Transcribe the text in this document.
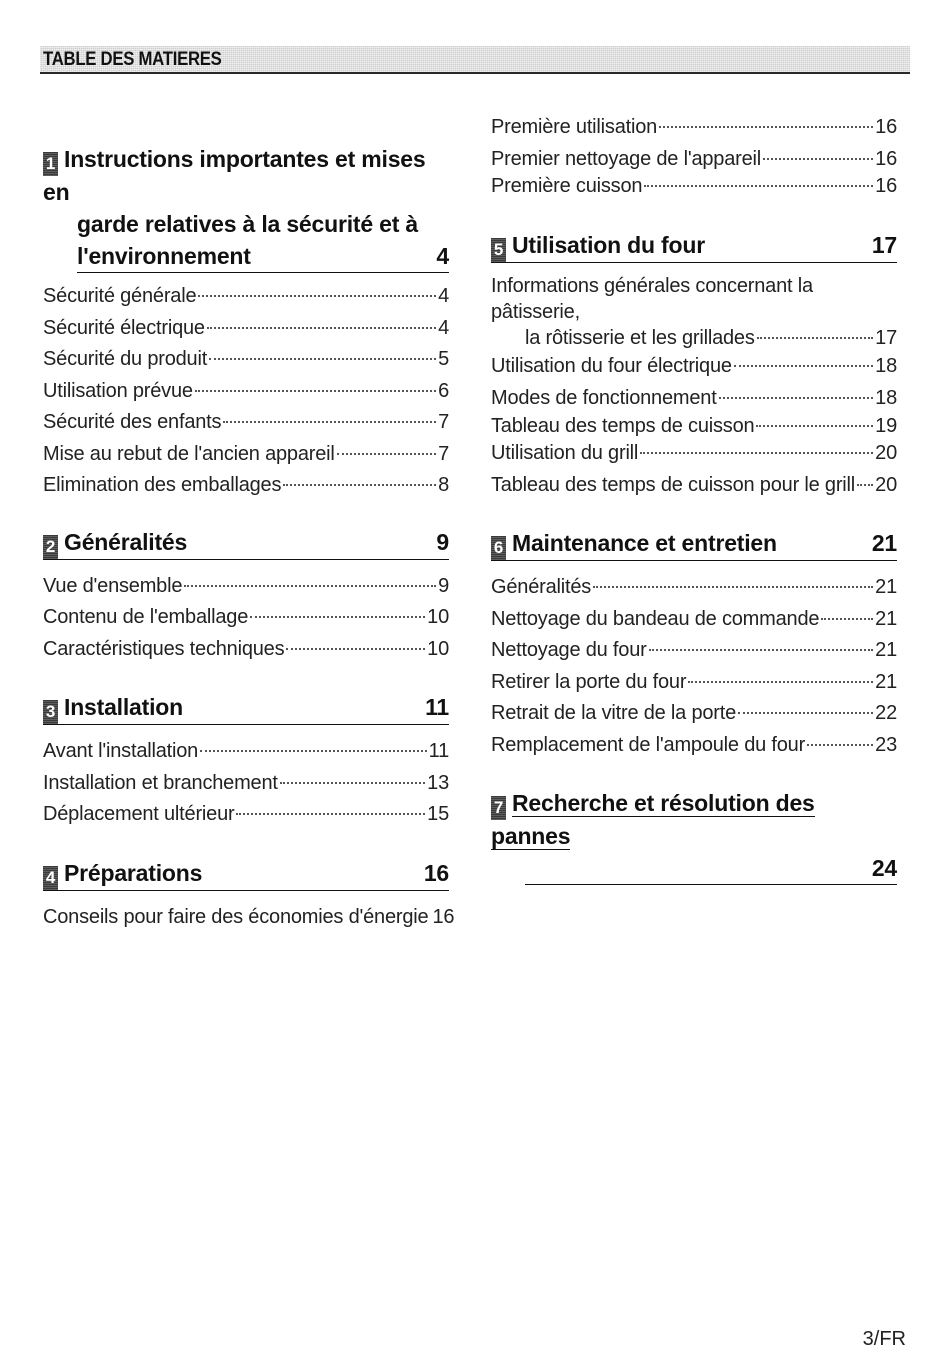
TABLE DES MATIERES
1 Instructions importantes et mises en
garde relatives à la sécurité et à
l'environnement	4
Sécurité générale	4
Sécurité électrique	4
Sécurité du produit	5
Utilisation prévue	6
Sécurité des enfants	7
Mise au rebut de l'ancien appareil	7
Elimination des emballages	8
2 Généralités	9
Vue d'ensemble	9
Contenu de l'emballage	10
Caractéristiques techniques	10
3 Installation	11
Avant l'installation	11
Installation et branchement	13
Déplacement ultérieur	15
4 Préparations	16
Conseils pour faire des économies d'énergie 16
Première utilisation	16
Premier nettoyage de l'appareil	16
Première cuisson	16
5 Utilisation du four	17
Informations générales concernant la pâtisserie,
la rôtisserie et les grillades	17
Utilisation du four électrique	18
Modes de fonctionnement	18
Tableau des temps de cuisson	19
Utilisation du grill	20
Tableau des temps de cuisson pour le grill 20
6 Maintenance et entretien	21
Généralités	21
Nettoyage du bandeau de commande	21
Nettoyage du four	21
Retirer la porte du four	21
Retrait de la vitre de la porte	22
Remplacement de l'ampoule du four	23
7 Recherche et résolution des pannes
24
3/FR
